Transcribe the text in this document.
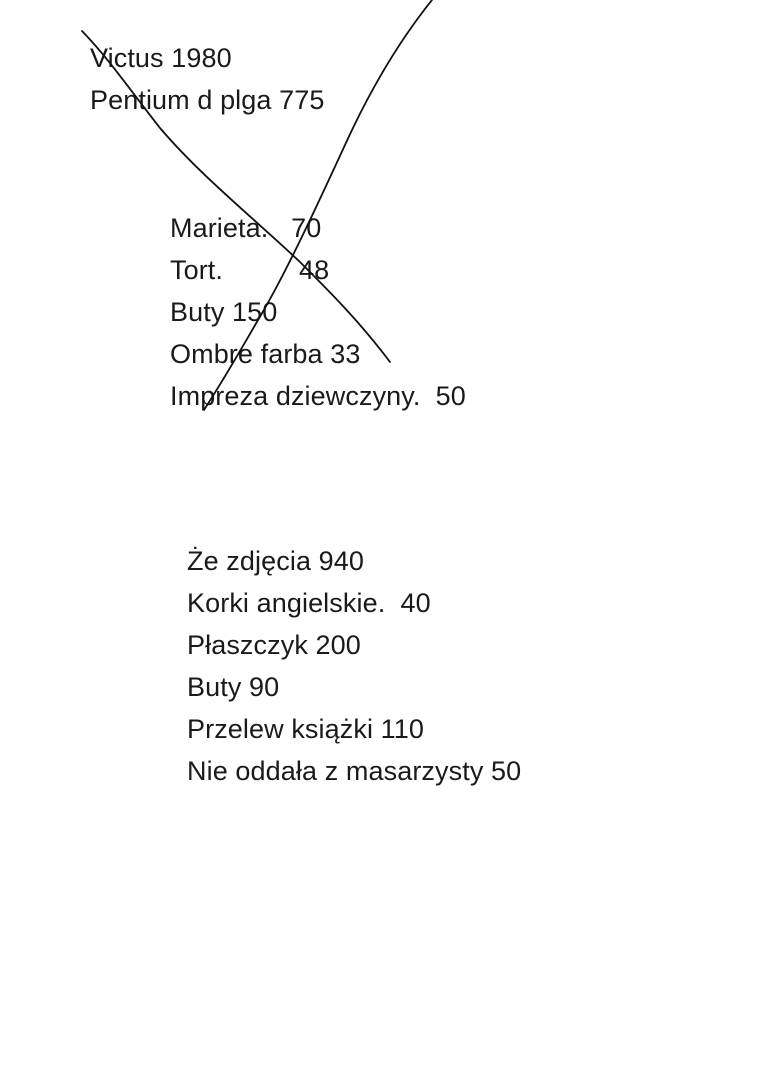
Victus 1980
Pentium d plga 775
Marieta.   70
Tort.          48
Buty 150
Ombre farba 33
Impreza dziewczyny.  50
Że zdjęcia 940
Korki angielskie.  40
Płaszczyk 200
Buty 90
Przelew książki 110
Nie oddała z masarzysty 50
